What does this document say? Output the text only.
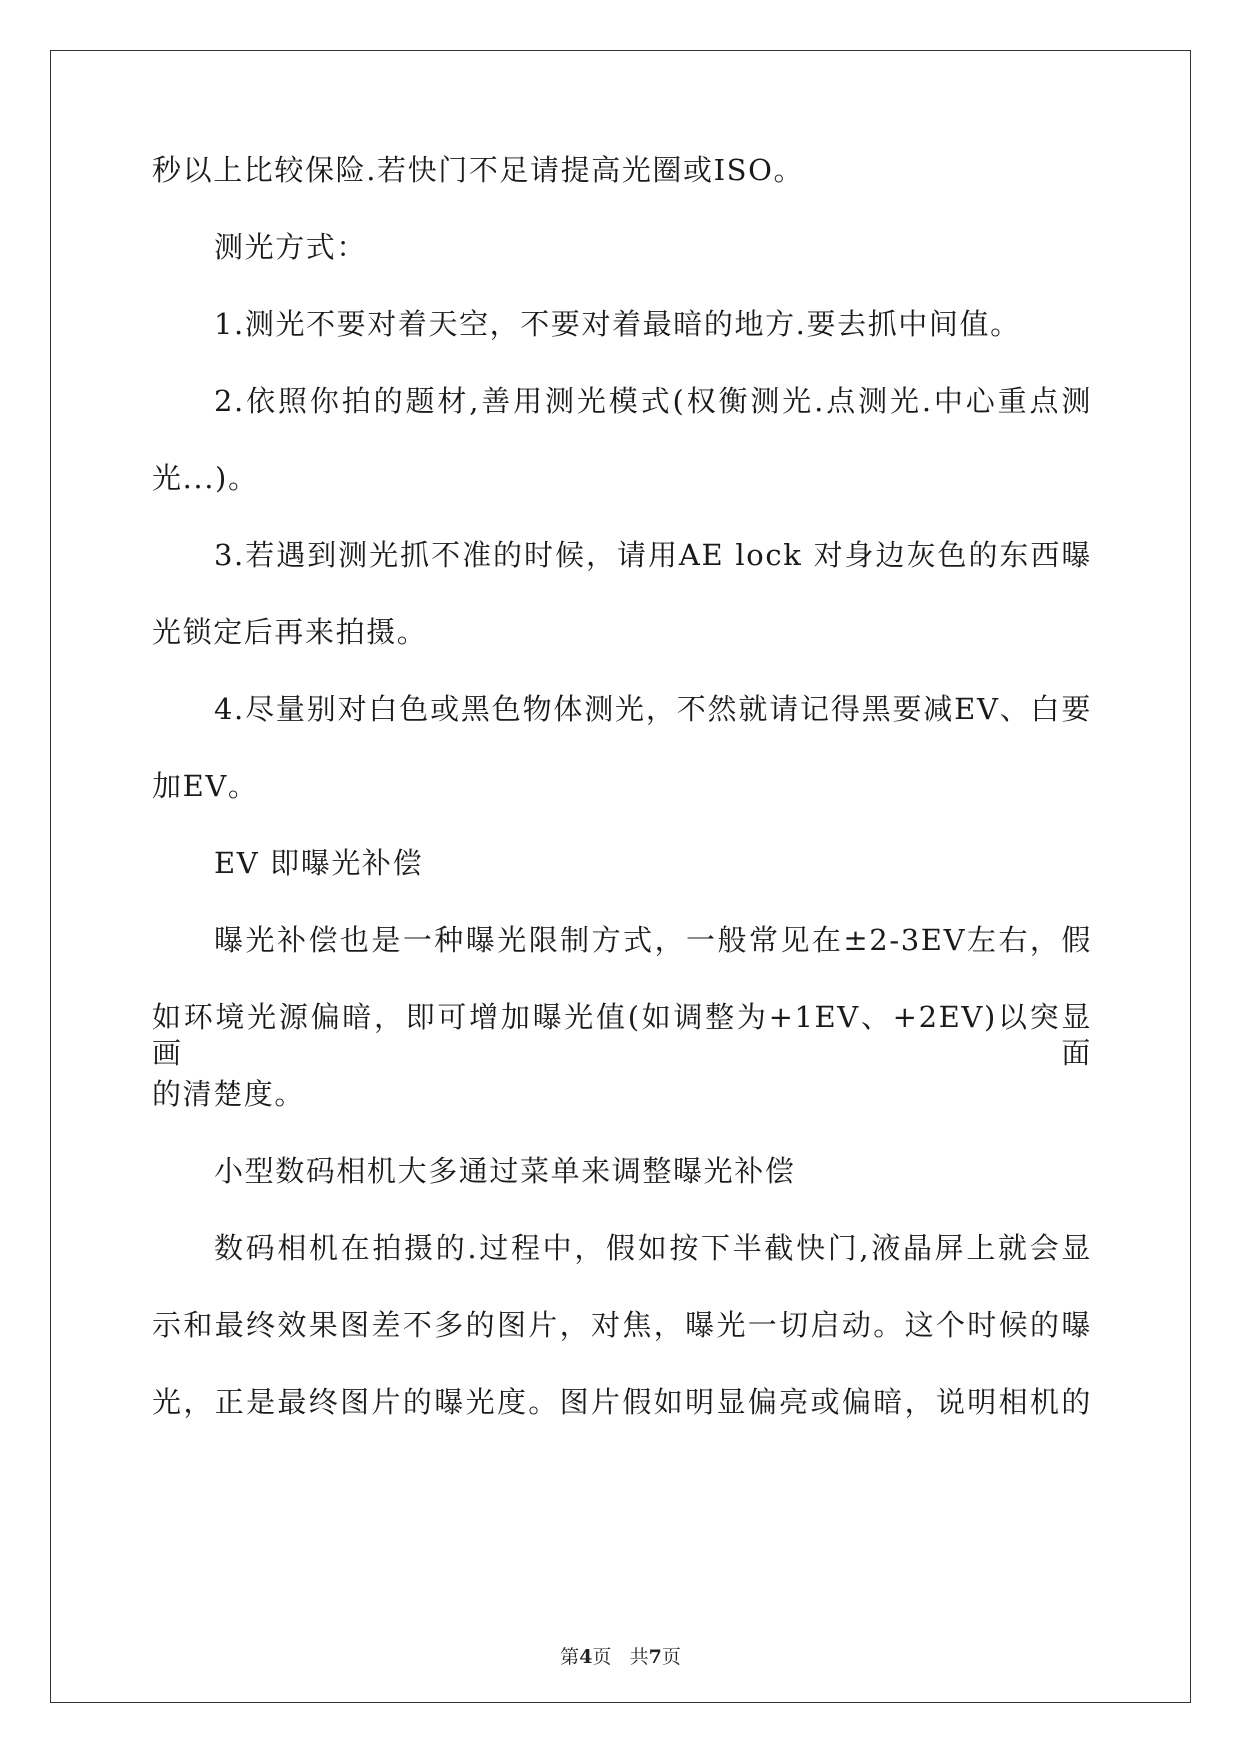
秒以上比较保险.若快门不足请提高光圈或ISO。
测光方式：
1.测光不要对着天空，不要对着最暗的地方.要去抓中间值。
2.依照你拍的题材,善用测光模式(权衡测光.点测光.中心重点测
光...)。
3.若遇到测光抓不准的时候，请用AE lock 对身边灰色的东西曝
光锁定后再来拍摄。
4.尽量别对白色或黑色物体测光，不然就请记得黑要减EV、白要
加EV。
EV 即曝光补偿
曝光补偿也是一种曝光限制方式，一般常见在±2-3EV左右，假
如环境光源偏暗，即可增加曝光值(如调整为+1EV、+2EV)以突显画面
的清楚度。
小型数码相机大多通过菜单来调整曝光补偿
数码相机在拍摄的.过程中，假如按下半截快门,液晶屏上就会显
示和最终效果图差不多的图片，对焦，曝光一切启动。这个时候的曝
光，正是最终图片的曝光度。图片假如明显偏亮或偏暗，说明相机的
第4页 共7页
